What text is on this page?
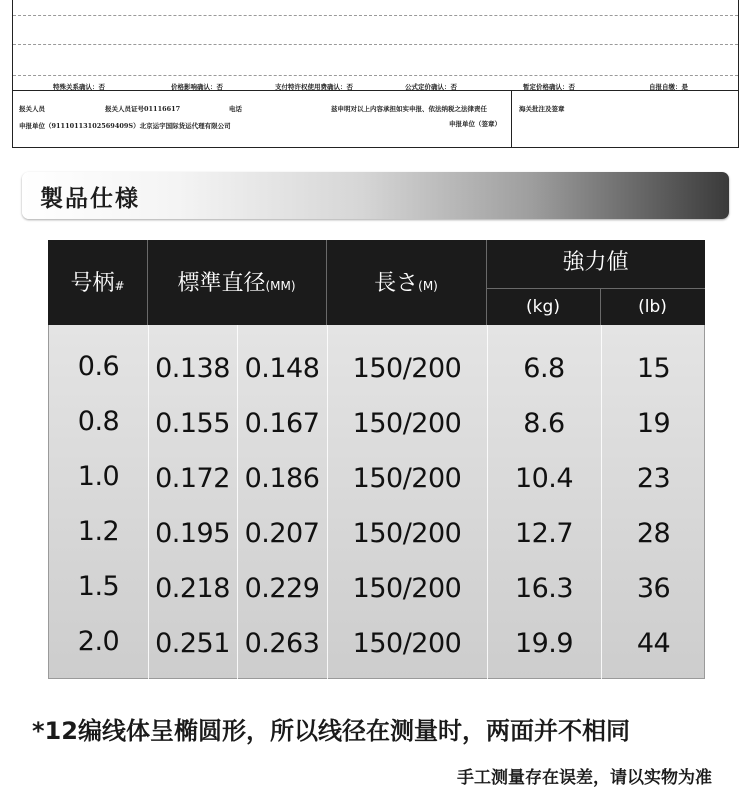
特殊关系确认：否	价格影响确认：否	支付特许权使用费确认：否	公式定价确认：否	暂定价格确认：否	自报自缴：是
报关人员	报关人员证号01116617	电话	兹申明对以上内容承担如实申报、依法纳税之法律责任	海关批注及签章
申报单位（91110113102569409S）北京运宇国际货运代理有限公司	申报单位（签章）
製品仕様
号柄#	標準直径(MM)	長さ(M)
強力値
(kg)	(lb)
0.6	0.138 0.148	150/200	6.8	15
0.8	0.155 0.167	150/200	8.6	19
1.0	0.172 0.186	150/200	10.4	23
1.2	0.195 0.207	150/200	12.7	28
1.5	0.218 0.229	150/200	16.3	36
2.0	0.251 0.263	150/200	19.9	44
*12编线体呈椭圆形，所以线径在测量时，两面并不相同
手工测量存在误差，请以实物为准
